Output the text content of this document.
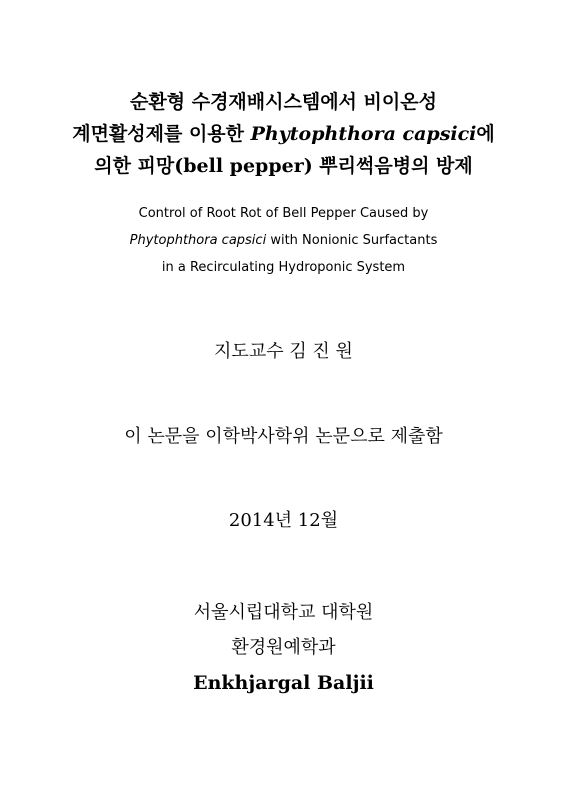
순환형 수경재배시스템에서 비이온성
계면활성제를 이용한 Phytophthora capsici에
의한 피망(bell pepper) 뿌리썩음병의 방제
Control of Root Rot of Bell Pepper Caused by
Phytophthora capsici with Nonionic Surfactants
in a Recirculating Hydroponic System
지도교수 김 진 원
이 논문을 이학박사학위 논문으로 제출함
2014년 12월
서울시립대학교 대학원
환경원예학과
Enkhjargal Baljii
